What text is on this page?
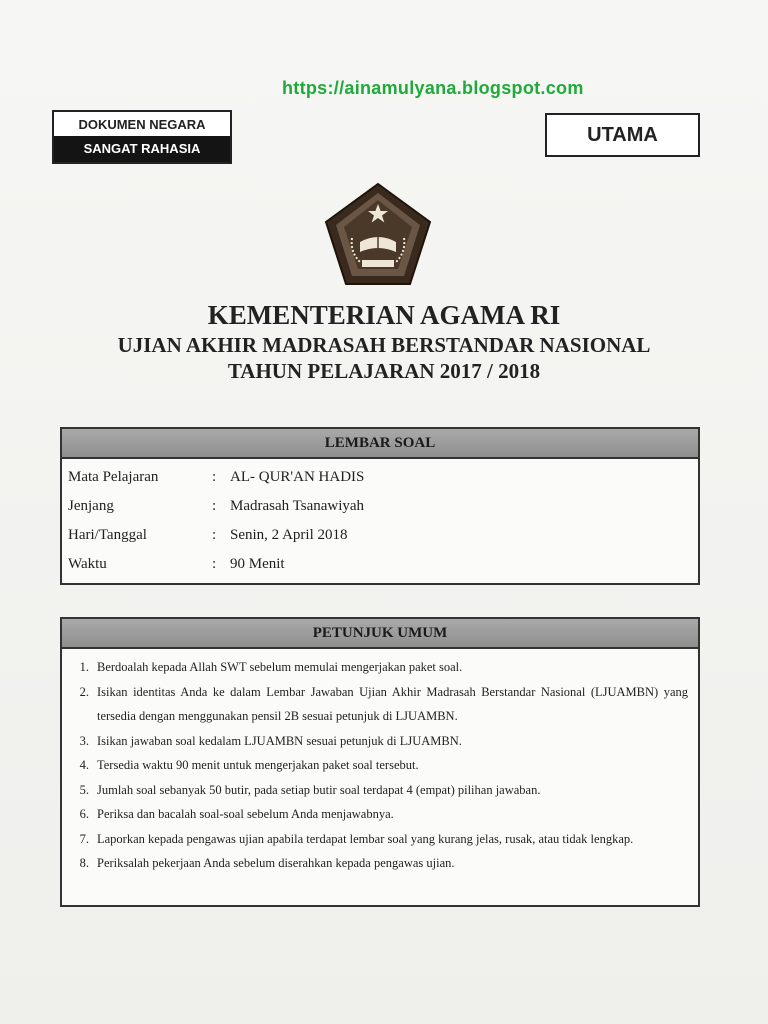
https://ainamulyana.blogspot.com
DOKUMEN NEGARA
SANGAT RAHASIA
UTAMA
KEMENTERIAN AGAMA RI
UJIAN AKHIR MADRASAH BERSTANDAR NASIONAL
TAHUN PELAJARAN 2017 / 2018
LEMBAR SOAL
Mata Pelajaran	: AL- QUR'AN HADIS
Jenjang	: Madrasah Tsanawiyah
Hari/Tanggal	: Senin, 2 April 2018
Waktu	: 90 Menit
PETUNJUK UMUM
1. Berdoalah kepada Allah SWT sebelum memulai mengerjakan paket soal.
2. Isikan identitas Anda ke dalam Lembar Jawaban Ujian Akhir Madrasah Berstandar Nasional (LJUAMBN) yang tersedia dengan menggunakan pensil 2B sesuai petunjuk di LJUAMBN.
3. Isikan jawaban soal kedalam LJUAMBN sesuai petunjuk di LJUAMBN.
4. Tersedia waktu 90 menit untuk mengerjakan paket soal tersebut.
5. Jumlah soal sebanyak 50 butir, pada setiap butir soal terdapat 4 (empat) pilihan jawaban.
6. Periksa dan bacalah soal-soal sebelum Anda menjawabnya.
7. Laporkan kepada pengawas ujian apabila terdapat lembar soal yang kurang jelas, rusak, atau tidak lengkap.
8. Periksalah pekerjaan Anda sebelum diserahkan kepada pengawas ujian.
